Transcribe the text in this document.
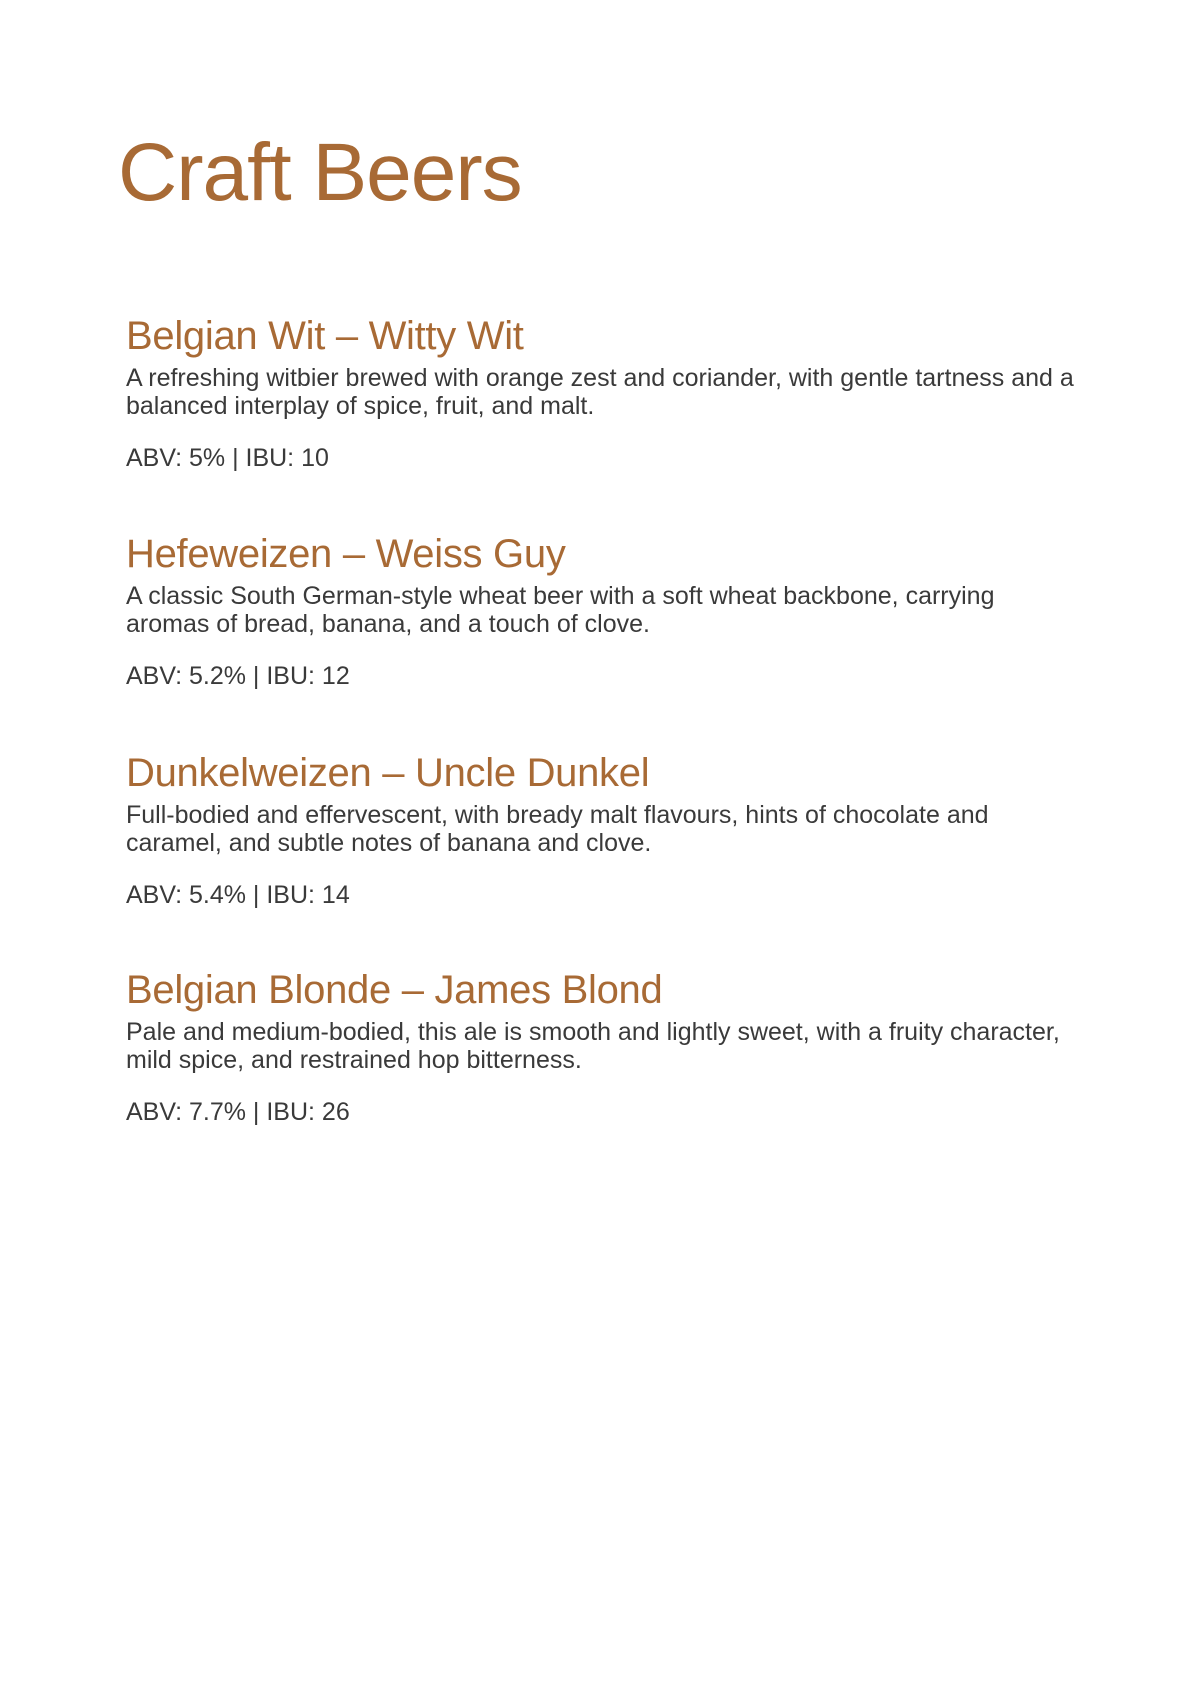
Craft Beers
Belgian Wit – Witty Wit

A refreshing witbier brewed with orange zest and coriander, with gentle tartness and a balanced interplay of spice, fruit, and malt.

ABV: 5% | IBU: 10

Hefeweizen – Weiss Guy

A classic South German-style wheat beer with a soft wheat backbone, carrying aromas of bread, banana, and a touch of clove.

ABV: 5.2% | IBU: 12

Dunkelweizen – Uncle Dunkel

Full-bodied and effervescent, with bready malt flavours, hints of chocolate and caramel, and subtle notes of banana and clove.

ABV: 5.4% | IBU: 14

Belgian Blonde – James Blond

Pale and medium-bodied, this ale is smooth and lightly sweet, with a fruity character, mild spice, and restrained hop bitterness.

ABV: 7.7% | IBU: 26
